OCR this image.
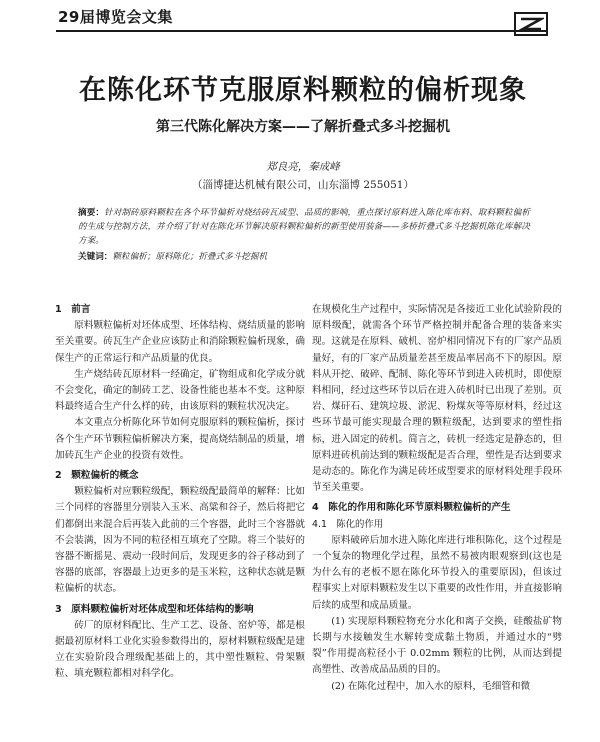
29届博览会文集
在陈化环节克服原料颗粒的偏析现象
第三代陈化解决方案——了解折叠式多斗挖掘机
郑良亮，秦成峰
（淄博捷达机械有限公司，山东淄博 255051）
摘要：针对制砖原料颗粒在各个环节偏析对烧结砖瓦成型、品质的影响，重点探讨原料进入陈化库布料、取料颗粒偏析的生成与控制方法，并介绍了针对在陈化环节解决原料颗粒偏析的新型使用装备——多桥折叠式多斗挖掘机陈化库解决方案。
关键词：颗粒偏析；原料陈化；折叠式多斗挖掘机
1　前言

原料颗粒偏析对坯体成型、坯体结构、烧结质量的影响至关重要。砖瓦生产企业应该防止和消除颗粒偏析现象，确保生产的正常运行和产品质量的优良。

生产烧结砖瓦原材料一经确定，矿物组成和化学成分就不会变化，确定的制砖工艺、设备性能也基本不变。这种原料最终适合生产什么样的砖，由该原料的颗粒状况决定。

本文重点分析陈化环节如何克服原料的颗粒偏析，探讨各个生产环节颗粒偏析解决方案，提高烧结制品的质量，增加砖瓦生产企业的投资有效性。

2　颗粒偏析的概念

颗粒偏析对应颗粒级配，颗粒级配最简单的解释：比如三个同样的容器里分别装入玉米、高粱和谷子，然后将把它们都倒出来混合后再装入此前的三个容器，此时三个容器就不会装满，因为不同的粒径相互填充了空隙。将三个装好的容器不断摇晃、震动一段时间后，发现更多的谷子移动到了容器的底部，容器最上边更多的是玉米粒，这种状态就是颗粒偏析的状态。

3　原料颗粒偏析对坯体成型和坯体结构的影响

砖厂的原材料配比、生产工艺、设备、窑炉等，都是根据最初原材料工业化实验参数得出的，原材料颗粒级配是建立在实验阶段合理级配基础上的，其中塑性颗粒、骨架颗粒、填充颗粒都相对科学化。

在规模化生产过程中，实际情况是各接近工业化试验阶段的原料级配，就需各个环节严格控制并配备合理的装备来实现。这就是在原料、破机、窑炉相同情况下有的厂家产品质量好，有的厂家产品质量差甚至废品率居高不下的原因。原料从开挖、破碎、配制、陈化等环节到进入砖机时，即使原料相同，经过这些环节以后在进入砖机时已出现了差别。页岩、煤矸石、建筑垃圾、淤泥、粉煤灰等等原材料，经过这些环节最可能实现最合理的颗粒级配，达到要求的塑性指标，进入固定的砖机。简言之，砖机一经选定是静态的，但原料进砖机前达到的颗粒级配是否合理，塑性是否达到要求是动态的。陈化作为满足砖坯成型要求的原材料处理手段环节至关重要。

4　陈化的作用和陈化环节原料颗粒偏析的产生
4.1　陈化的作用

原料破碎后加水进入陈化库进行堆积陈化，这个过程是一个复杂的物理化学过程，虽然不易被肉眼观察到(这也是为什么有的老板不愿在陈化环节投入的重要原因)，但该过程事实上对原料颗粒发生以下重要的改性作用，并直接影响后续的成型和成品质量。

(1) 实现原料颗粒物充分水化和离子交换，硅酸盐矿物长期与水接触发生水解转变成黏土物质，并通过水的“劈裂”作用提高粒径小于 0.02mm 颗粒的比例，从而达到提高塑性、改善成品品质的目的。

(2) 在陈化过程中，加入水的原料，毛细管和微
